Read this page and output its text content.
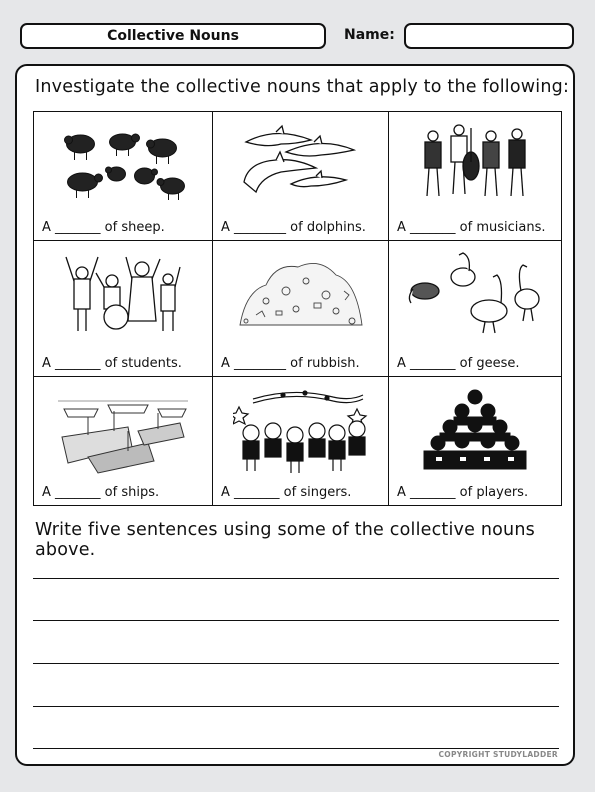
Collective Nouns	Name:
Investigate the collective nouns that apply to the following:
A _______ of sheep.	A ________ of dolphins. A _______ of musicians.
A _______ of students.	A ________ of rubbish.	A _______ of geese.
A _______ of ships.	A _______ of singers.	A _______ of players.
Write five sentences using some of the collective nouns above.
COPYRIGHT STUDYLADDER
